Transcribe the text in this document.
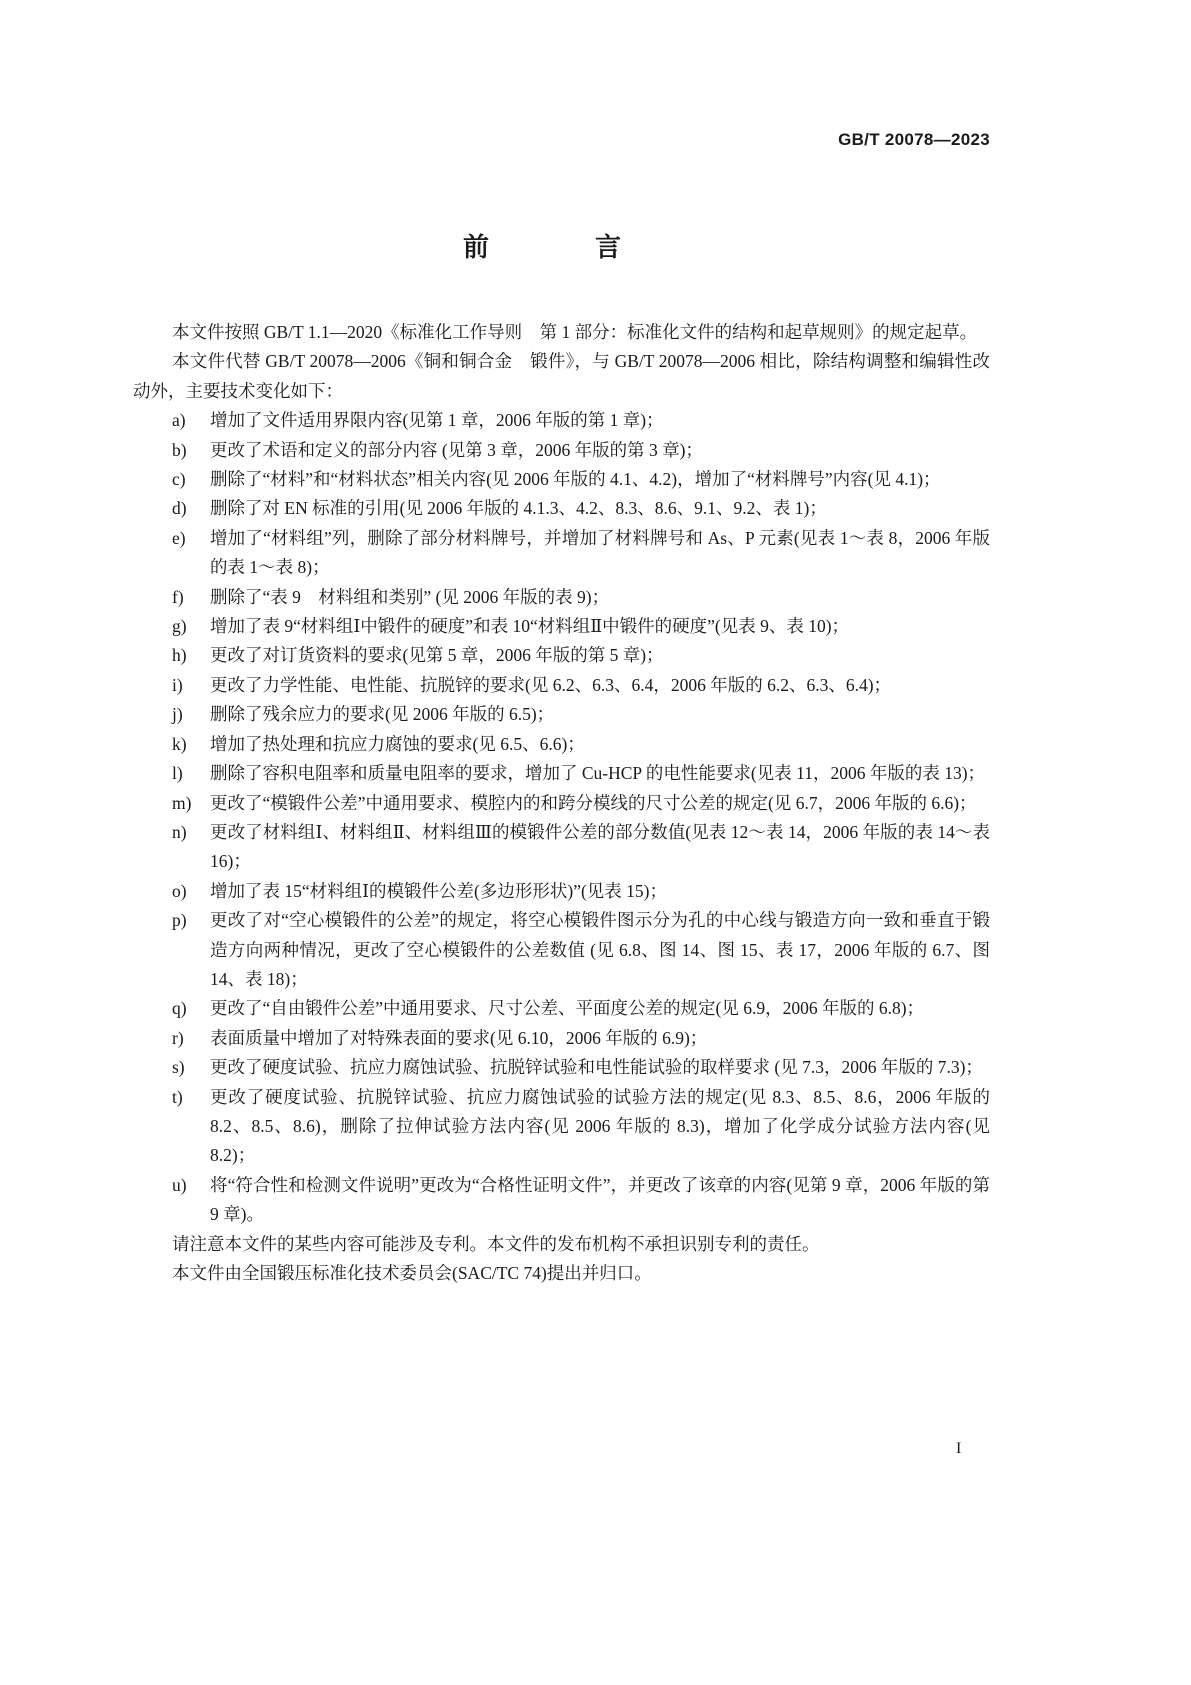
GB/T 20078—2023
前　言

本文件按照 GB/T 1.1—2020《标准化工作导则　第 1 部分：标准化文件的结构和起草规则》的规定起草。

本文件代替 GB/T 20078—2006《铜和铜合金　锻件》，与 GB/T 20078—2006 相比，除结构调整和编辑性改动外，主要技术变化如下：

a) 增加了文件适用界限内容(见第 1 章，2006 年版的第 1 章)；
b) 更改了术语和定义的部分内容 (见第 3 章，2006 年版的第 3 章)；
c) 删除了“材料”和“材料状态”相关内容(见 2006 年版的 4.1、4.2)，增加了“材料牌号”内容(见 4.1)；
d) 删除了对 EN 标准的引用(见 2006 年版的 4.1.3、4.2、8.3、8.6、9.1、9.2、表 1)；
e) 增加了“材料组”列，删除了部分材料牌号，并增加了材料牌号和 As、P 元素(见表 1～表 8，2006 年版的表 1～表 8)；
f) 删除了“表 9　材料组和类别” (见 2006 年版的表 9)；
g) 增加了表 9“材料组Ⅰ中锻件的硬度”和表 10“材料组Ⅱ中锻件的硬度”(见表 9、表 10)；
h) 更改了对订货资料的要求(见第 5 章，2006 年版的第 5 章)；
i) 更改了力学性能、电性能、抗脱锌的要求(见 6.2、6.3、6.4，2006 年版的 6.2、6.3、6.4)；
j) 删除了残余应力的要求(见 2006 年版的 6.5)；
k) 增加了热处理和抗应力腐蚀的要求(见 6.5、6.6)；
l) 删除了容积电阻率和质量电阻率的要求，增加了 Cu-HCP 的电性能要求(见表 11，2006 年版的表 13)；
m) 更改了“模锻件公差”中通用要求、模腔内的和跨分模线的尺寸公差的规定(见 6.7，2006 年版的 6.6)；
n) 更改了材料组Ⅰ、材料组Ⅱ、材料组Ⅲ的模锻件公差的部分数值(见表 12～表 14，2006 年版的表 14～表 16)；
o) 增加了表 15“材料组Ⅰ的模锻件公差(多边形形状)”(见表 15)；
p) 更改了对“空心模锻件的公差”的规定，将空心模锻件图示分为孔的中心线与锻造方向一致和垂直于锻造方向两种情况，更改了空心模锻件的公差数值 (见 6.8、图 14、图 15、表 17，2006 年版的 6.7、图 14、表 18)；
q) 更改了“自由锻件公差”中通用要求、尺寸公差、平面度公差的规定(见 6.9，2006 年版的 6.8)；
r) 表面质量中增加了对特殊表面的要求(见 6.10，2006 年版的 6.9)；
s) 更改了硬度试验、抗应力腐蚀试验、抗脱锌试验和电性能试验的取样要求 (见 7.3，2006 年版的 7.3)；
t) 更改了硬度试验、抗脱锌试验、抗应力腐蚀试验的试验方法的规定(见 8.3、8.5、8.6，2006 年版的 8.2、8.5、8.6)，删除了拉伸试验方法内容(见 2006 年版的 8.3)，增加了化学成分试验方法内容(见 8.2)；
u) 将“符合性和检测文件说明”更改为“合格性证明文件”，并更改了该章的内容(见第 9 章，2006 年版的第 9 章)。

请注意本文件的某些内容可能涉及专利。本文件的发布机构不承担识别专利的责任。

本文件由全国锻压标准化技术委员会(SAC/TC 74)提出并归口。

I
